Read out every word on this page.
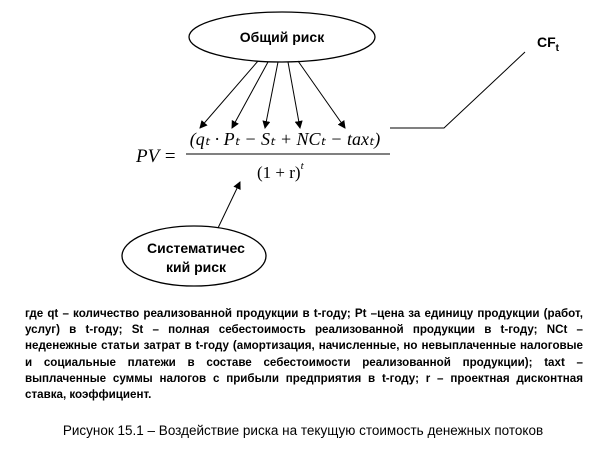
Общий риск	$CF_t$
PV =
(qₜ · Pₜ − Sₜ + NCₜ − taxₜ)
$(1 + r)^t$
Систематичес
кий риск

где qt – количество реализованной продукции в t-году; Pt –цена за единицу продукции (работ, услуг) в t-году; St – полная себестоимость реализованной продукции в t-году; NCt – неденежные статьи затрат в t-году (амортизация, начисленные, но невыплаченные налоговые и социальные платежи в составе себестоимости реализованной продукции); taxt – выплаченные суммы налогов с прибыли предприятия в t-году; r – проектная дисконтная ставка, коэффициент.

Рисунок 15.1 – Воздействие риска на текущую стоимость денежных потоков
